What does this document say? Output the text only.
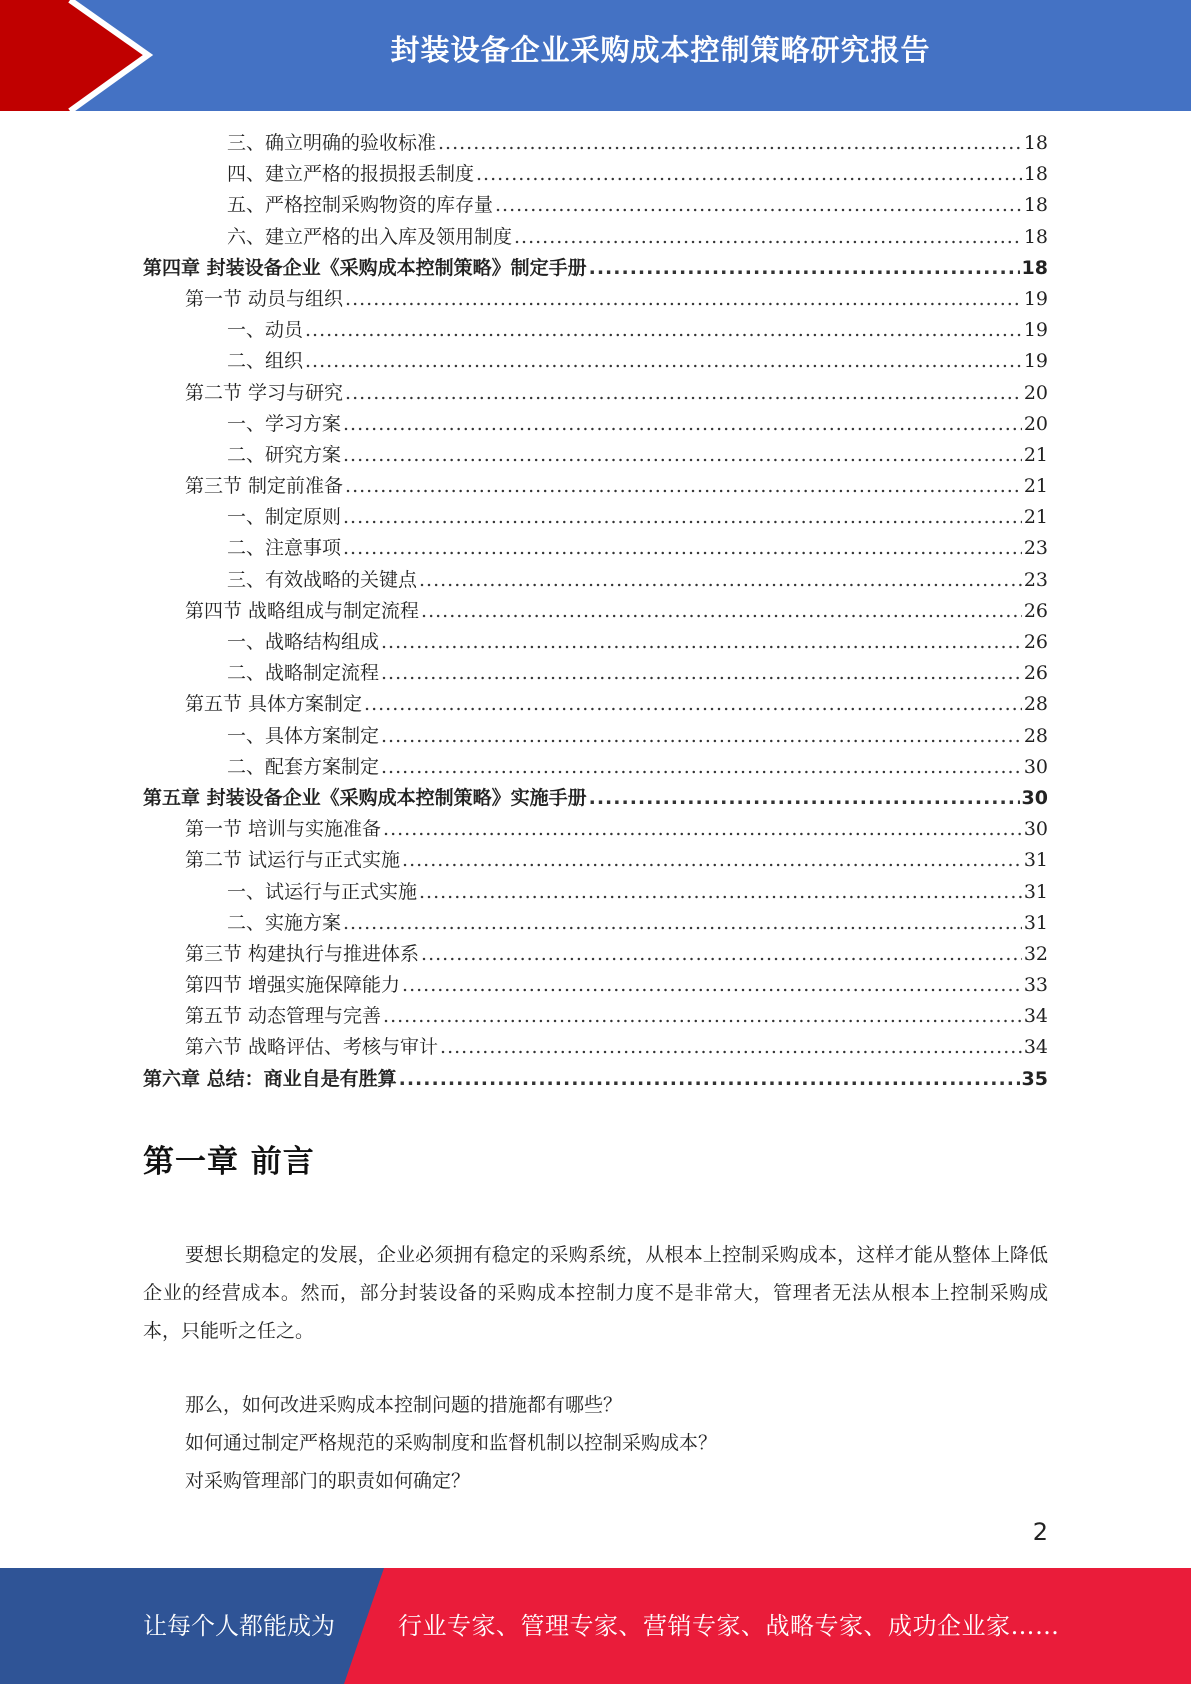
封装设备企业采购成本控制策略研究报告
三、确立明确的验收标准 .....	18
四、建立严格的报损报丢制度 .....	18
五、严格控制采购物资的库存量 .....	18
六、建立严格的出入库及领用制度 .....	18
第四章 封装设备企业《采购成本控制策略》制定手册 .....	18
第一节 动员与组织 .....	19
一、动员 .....	19
二、组织 .....	19
第二节 学习与研究 .....	20
一、学习方案 .....	20
二、研究方案 .....	21
第三节 制定前准备 .....	21
一、制定原则 .....	21
二、注意事项 .....	23
三、有效战略的关键点 .....	23
第四节 战略组成与制定流程 .....	26
一、战略结构组成 .....	26
二、战略制定流程 .....	26
第五节 具体方案制定 .....	28
一、具体方案制定 .....	28
二、配套方案制定 .....	30
第五章 封装设备企业《采购成本控制策略》实施手册 .....	30
第一节 培训与实施准备 .....	30
第二节 试运行与正式实施 .....	31
一、试运行与正式实施 .....	31
二、实施方案 .....	31
第三节 构建执行与推进体系 .....	32
第四节 增强实施保障能力 .....	33
第五节 动态管理与完善 .....	34
第六节 战略评估、考核与审计 .....	34
第六章 总结：商业自是有胜算 .....	35
第一章 前言

要想长期稳定的发展，企业必须拥有稳定的采购系统，从根本上控制采购成本，这样才能从整体上降低企业的经营成本。然而，部分封装设备的采购成本控制力度不是非常大，管理者无法从根本上控制采购成本，只能听之任之。

那么，如何改进采购成本控制问题的措施都有哪些？
如何通过制定严格规范的采购制度和监督机制以控制采购成本？
对采购管理部门的职责如何确定？
2
让每个人都能成为	行业专家、管理专家、营销专家、战略专家、成功企业家……
